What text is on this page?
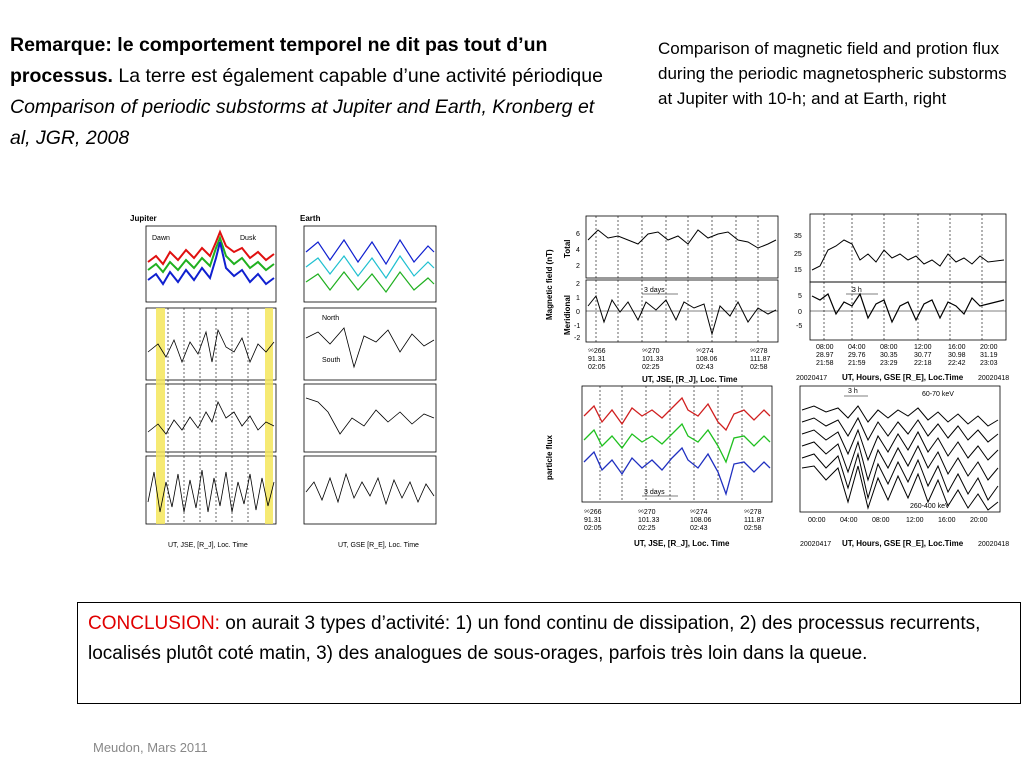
Remarque: le comportement temporel ne dit pas tout d’un processus. La terre est également capable d’une activité périodique
Comparison of periodic substorms at Jupiter and Earth, Kronberg et al, JGR, 2008
Comparison of magnetic field and protion flux during the periodic magnetospheric substorms at Jupiter with 10-h; and at Earth, right
Jupiter	Earth
Dawn	Dusk
North
South
UT, JSE, [R_J], Loc. Time	UT, GSE [R_E], Loc. Time
Magnetic field (nT)
Total
Meridional
6
4
2
2
1
0
-1
-2
3 days
⁹⁶266
91.31
02:05
⁹⁶270
101.33
02:25
⁹⁶274
108.06
02:43
⁹⁶278
111.87
02:58
UT, JSE, [R_J], Loc. Time
35
25
15
5
0
-5
3 h
08:00
28.97
21:58
04:00
29.76
21:59
08:00
30.35
23:29
12:00
30.77
22:18
16:00
30.98
22:42
20:00
31.19
23:03
20020417 UT, Hours, GSE [R_E], Loc.Time 20020418
particle flux
3 days
⁹⁶266
91.31
02:05
⁹⁶270
101.33
02:25
⁹⁶274
108.06
02:43
⁹⁶278
111.87
02:58
UT, JSE, [R_J], Loc. Time
3 h	60-70 keV
260-400 keV
00:00 04:00 08:00 12:00 16:00 20:00
20020417 UT, Hours, GSE [R_E], Loc.Time 20020418
CONCLUSION: on aurait 3 types d’activité: 1) un fond continu de dissipation, 2) des processus recurrents, localisés plutôt coté matin, 3) des analogues de sous-orages, parfois très loin dans la queue.
Meudon, Mars 2011
